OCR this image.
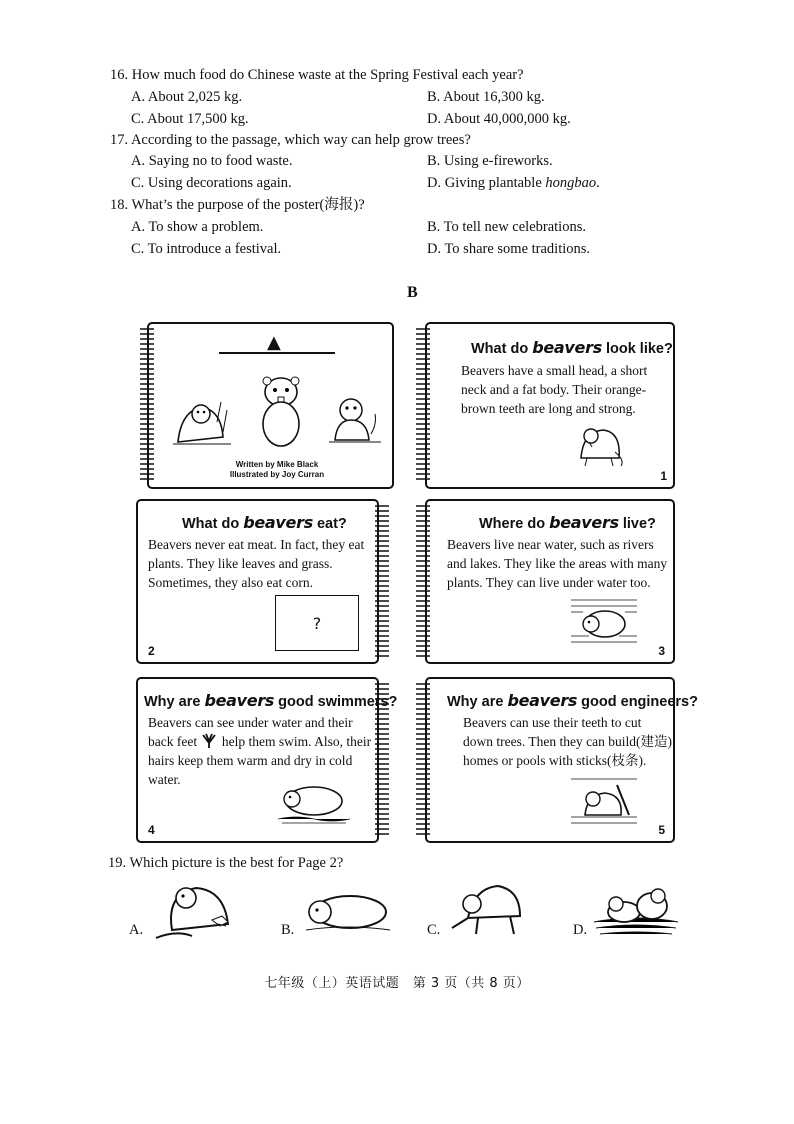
16. How much food do Chinese waste at the Spring Festival each year?
A. About 2,025 kg.	B. About 16,300 kg.
C. About 17,500 kg.	D. About 40,000,000 kg.
17. According to the passage, which way can help grow trees?
A. Saying no to food waste.	B. Using e-fireworks.
C. Using decorations again.	D. Giving plantable hongbao.
18. What’s the purpose of the poster(海报)?
A. To show a problem.	B. To tell new celebrations.
C. To introduce a festival.	D. To share some traditions.
B
▲
Written by Mike Black
Illustrated by Joy Curran
What do beavers look like?
Beavers have a small head, a short neck and a fat body. Their orange-brown teeth are long and strong.
1
What do beavers eat?
Beavers never eat meat. In fact, they eat plants. They like leaves and grass. Sometimes, they also eat corn.
?
2
Where do beavers live?
Beavers live near water, such as rivers and lakes. They like the areas with many plants. They can live under water too.
3
Why are beavers good swimmers?
Beavers can see under water and their back feet help them swim. Also, their hairs keep them warm and dry in cold water.
4
Why are beavers good engineers?
Beavers can use their teeth to cut down trees. Then they can build(建造) homes or pools with sticks(枝条).
5
19. Which picture is the best for Page 2?
A.	B.	C.	D.
七年级（上）英语试题　第 3 页（共 8 页）
